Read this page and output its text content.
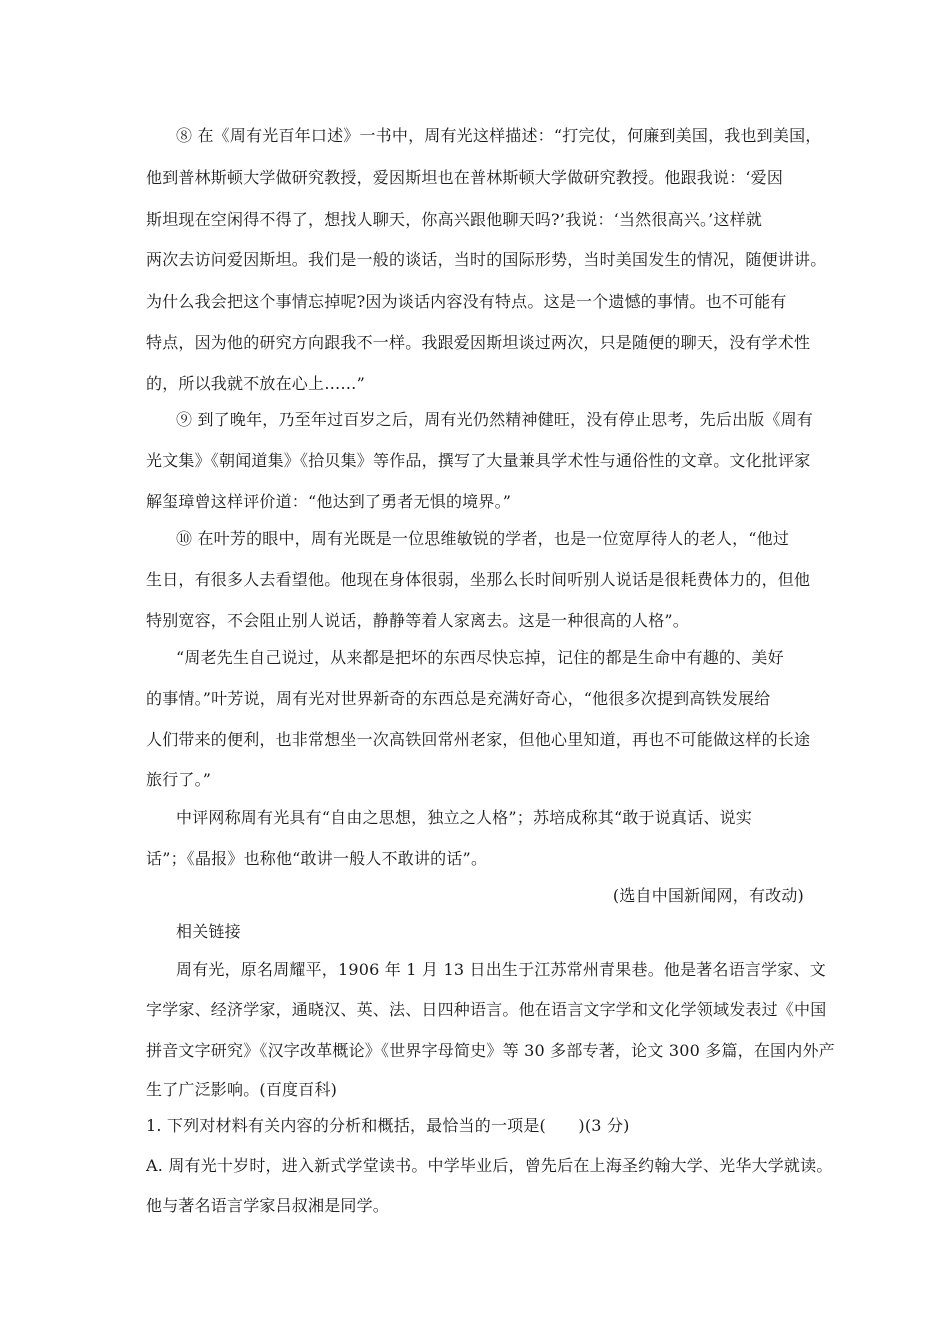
⑧ 在《周有光百年口述》一书中，周有光这样描述：“打完仗，何廉到美国，我也到美国，
他到普林斯顿大学做研究教授，爱因斯坦也在普林斯顿大学做研究教授。他跟我说：‘爱因
斯坦现在空闲得不得了，想找人聊天，你高兴跟他聊天吗?’我说：‘当然很高兴。’这样就
两次去访问爱因斯坦。我们是一般的谈话，当时的国际形势，当时美国发生的情况，随便讲讲。
为什么我会把这个事情忘掉呢?因为谈话内容没有特点。这是一个遗憾的事情。也不可能有
特点，因为他的研究方向跟我不一样。我跟爱因斯坦谈过两次，只是随便的聊天，没有学术性
的，所以我就不放在心上……”
⑨ 到了晚年，乃至年过百岁之后，周有光仍然精神健旺，没有停止思考，先后出版《周有
光文集》《朝闻道集》《拾贝集》等作品，撰写了大量兼具学术性与通俗性的文章。文化批评家
解玺璋曾这样评价道：“他达到了勇者无惧的境界。”
⑩ 在叶芳的眼中，周有光既是一位思维敏锐的学者，也是一位宽厚待人的老人，“他过
生日，有很多人去看望他。他现在身体很弱，坐那么长时间听别人说话是很耗费体力的，但他
特别宽容，不会阻止别人说话，静静等着人家离去。这是一种很高的人格”。
“周老先生自己说过，从来都是把坏的东西尽快忘掉，记住的都是生命中有趣的、美好
的事情。”叶芳说，周有光对世界新奇的东西总是充满好奇心，“他很多次提到高铁发展给
人们带来的便利，也非常想坐一次高铁回常州老家，但他心里知道，再也不可能做这样的长途
旅行了。”
中评网称周有光具有“自由之思想，独立之人格”；苏培成称其“敢于说真话、说实
话”；《晶报》也称他“敢讲一般人不敢讲的话”。
(选自中国新闻网，有改动)
相关链接
周有光，原名周耀平，1906 年 1 月 13 日出生于江苏常州青果巷。他是著名语言学家、文
字学家、经济学家，通晓汉、英、法、日四种语言。他在语言文字学和文化学领域发表过《中国
拼音文字研究》《汉字改革概论》《世界字母简史》等 30 多部专著，论文 300 多篇，在国内外产
生了广泛影响。(百度百科)
1. 下列对材料有关内容的分析和概括，最恰当的一项是(　　)(3 分)
A. 周有光十岁时，进入新式学堂读书。中学毕业后，曾先后在上海圣约翰大学、光华大学就读。
他与著名语言学家吕叔湘是同学。
